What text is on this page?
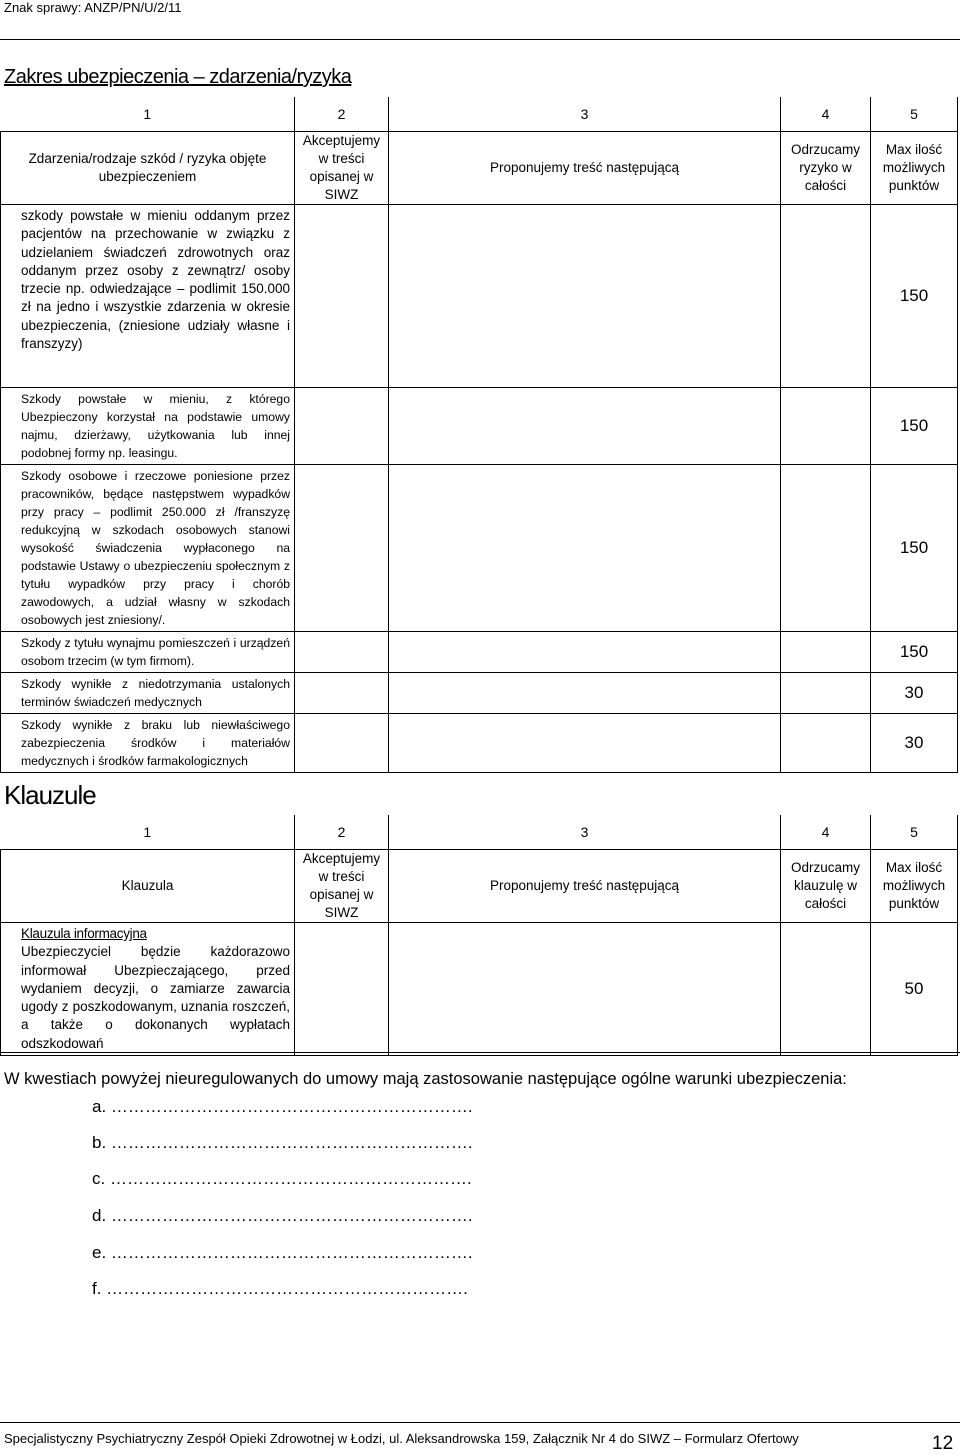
Znak sprawy: ANZP/PN/U/2/11
Zakres ubezpieczenia – zdarzenia/ryzyka
1	2	3	4	5
Zdarzenia/rodzaje szkód / ryzyka objęte ubezpieczeniem	Akceptujemy w treści opisanej w SIWZ	Proponujemy treść następującą	Odrzucamy ryzyko w całości	Max ilość możliwych punktów
szkody powstałe w mieniu oddanym przez pacjentów na przechowanie w związku z udzielaniem świadczeń zdrowotnych oraz oddanym przez osoby z zewnątrz/ osoby trzecie np. odwiedzające – podlimit 150.000 zł na jedno i wszystkie zdarzenia w okresie ubezpieczenia, (zniesione udziały własne i franszyzy)				150
Szkody powstałe w mieniu, z którego Ubezpieczony korzystał na podstawie umowy najmu, dzierżawy, użytkowania lub innej podobnej formy np. leasingu.				150
Szkody osobowe i rzeczowe poniesione przez pracowników, będące następstwem wypadków przy pracy – podlimit 250.000 zł /franszyzę redukcyjną w szkodach osobowych stanowi wysokość świadczenia wypłaconego na podstawie Ustawy o ubezpieczeniu społecznym z tytułu wypadków przy pracy i chorób zawodowych, a udział własny w szkodach osobowych jest zniesiony/.				150
Szkody z tytułu wynajmu pomieszczeń i urządzeń osobom trzecim (w tym firmom).				150
Szkody wynikłe z niedotrzymania ustalonych terminów świadczeń medycznych				30
Szkody wynikłe z braku lub niewłaściwego zabezpieczenia środków i materiałów medycznych i środków farmakologicznych				30
Klauzule
1	2	3	4	5
Klauzula	Akceptujemy w treści opisanej w SIWZ	Proponujemy treść następującą	Odrzucamy klauzulę w całości	Max ilość możliwych punktów

Klauzula informacyjna
Ubezpieczyciel będzie każdorazowo informował Ubezpieczającego, przed wydaniem decyzji, o zamiarze zawarcia ugody z poszkodowanym, uznania roszczeń, a także o dokonanych wypłatach odszkodowań				50
W kwestiach powyżej nieuregulowanych do umowy mają zastosowanie następujące ogólne warunki ubezpieczenia:
a. ……………………………………………………….
b. ……………………………………………………….
c. ……………………………………………………….
d. ……………………………………………………….
e. ……………………………………………………….
f. ……………………………………………………….
Specjalistyczny Psychiatryczny Zespół Opieki Zdrowotnej w Łodzi, ul. Aleksandrowska 159, Załącznik Nr 4 do SIWZ – Formularz Ofertowy	12
